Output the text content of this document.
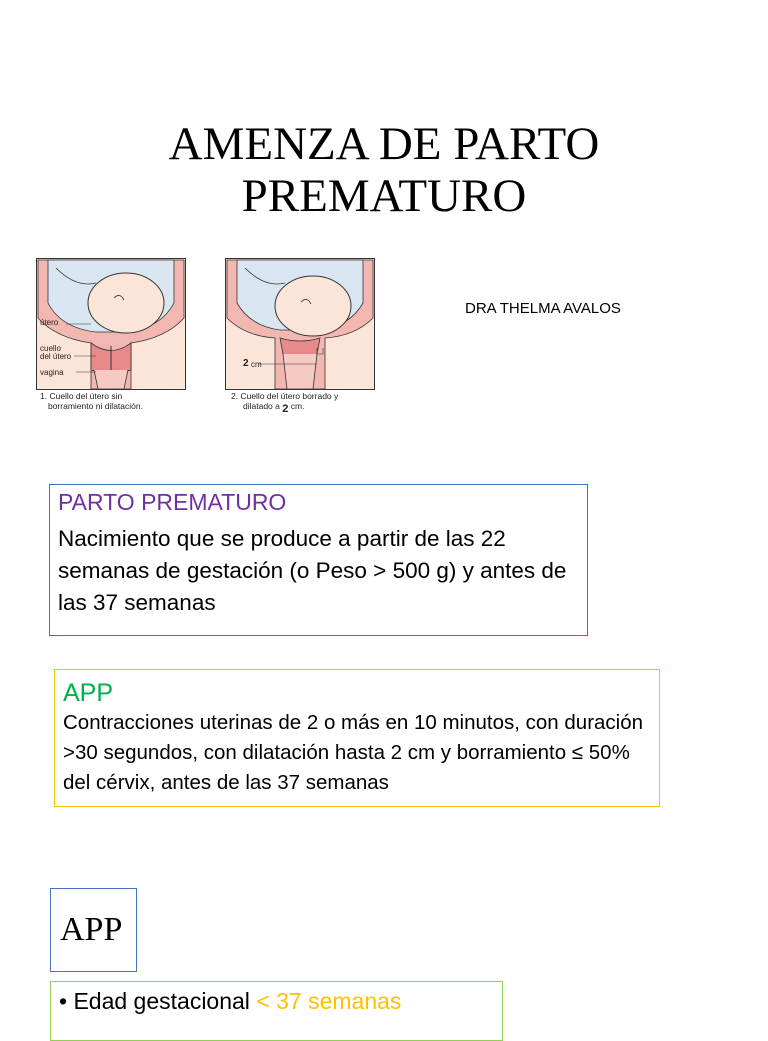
AMENZA DE PARTO
PREMATURO
útero
cuello
del útero
vagina
1. Cuello del útero sin
borramiento ni dilatación.
2 cm
2. Cuello del útero borrado y
dilatado a 2 cm.
DRA THELMA AVALOS
PARTO PREMATURO
Nacimiento que se produce a partir de las 22 semanas de gestación (o Peso > 500 g) y antes de las 37 semanas
APP
Contracciones uterinas de 2 o más en 10 minutos, con duración >30 segundos, con dilatación hasta 2 cm y borramiento ≤ 50% del cérvix, antes de las 37 semanas
APP
• Edad gestacional < 37 semanas
